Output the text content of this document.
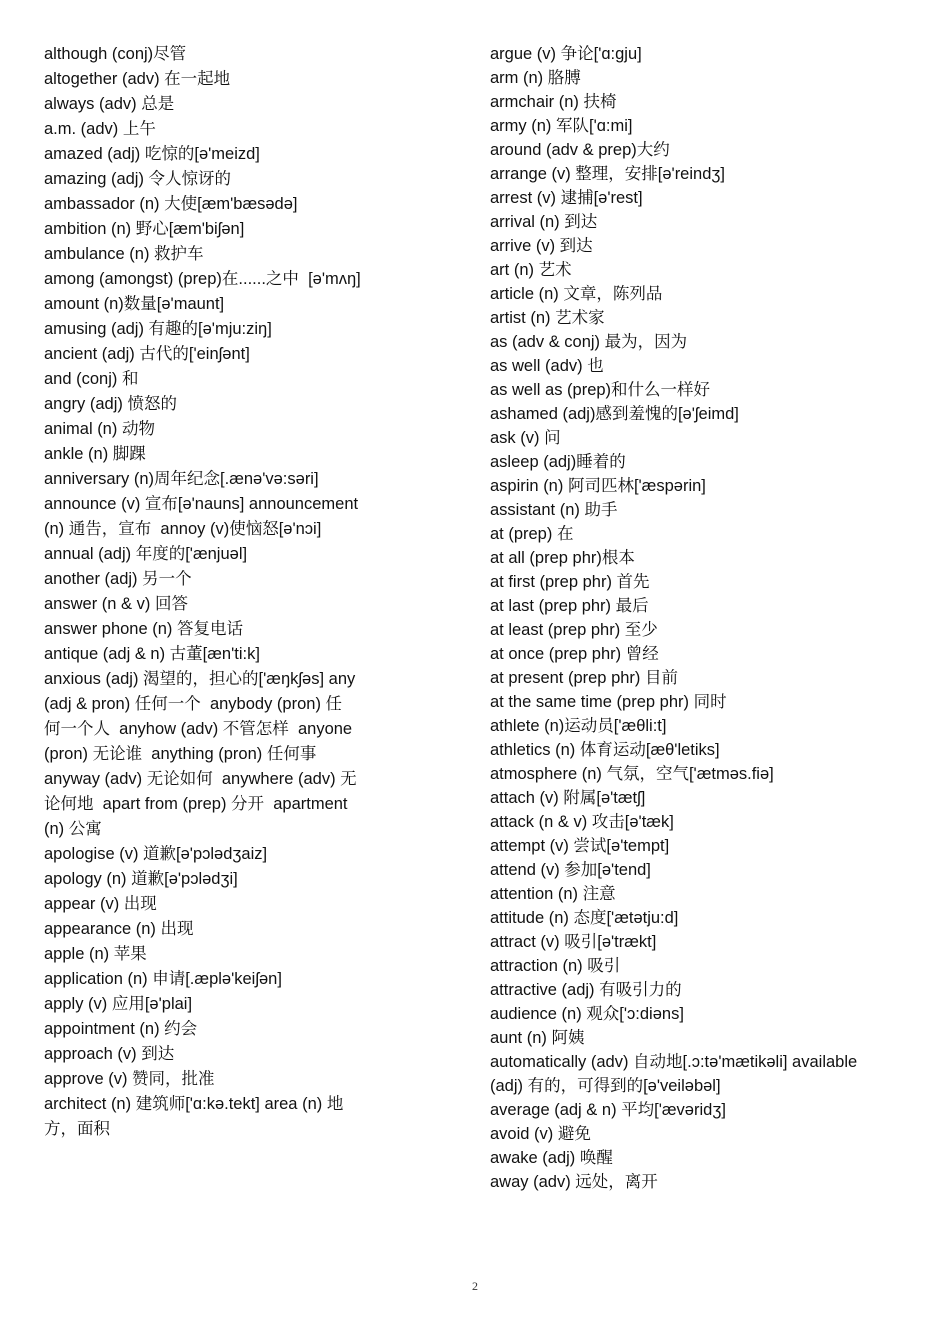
although (conj)尽管

altogether (adv) 在一起地

always (adv) 总是

a.m. (adv) 上午

amazed (adj) 吃惊的[ə'meizd]

amazing (adj) 令人惊讶的

ambassador (n) 大使[æm'bæsədə]

ambition (n) 野心[æm'biʃən]

ambulance (n) 救护车

among (amongst) (prep)在......之中  [ə'mʌŋ]

amount (n)数量[ə'maunt]

amusing (adj) 有趣的[ə'mju:ziŋ]

ancient (adj) 古代的['einʃənt]

and (conj) 和

angry (adj) 愤怒的

animal (n) 动物

ankle (n) 脚踝

anniversary (n)周年纪念[.ænə'və:səri]

announce (v) 宣布[ə'nauns] announcement

(n) 通告，宣布  annoy (v)使恼怒[ə'nɔi]

annual (adj) 年度的['ænjuəl]

another (adj) 另一个

answer (n & v) 回答

answer phone (n) 答复电话

antique (adj & n) 古董[æn'ti:k]

anxious (adj) 渴望的，担心的['æŋkʃəs] any

(adj & pron) 任何一个  anybody (pron) 任

何一个人  anyhow (adv) 不管怎样  anyone

(pron) 无论谁  anything (pron) 任何事

anyway (adv) 无论如何  anywhere (adv) 无

论何地  apart from (prep) 分开  apartment

(n) 公寓

apologise (v) 道歉[ə'pɔlədʒaiz]

apology (n) 道歉[ə'pɔlədʒi]

appear (v) 出现

appearance (n) 出现

apple (n) 苹果

application (n) 申请[.æplə'keiʃən]

apply (v) 应用[ə'plai]

appointment (n) 约会

approach (v) 到达

approve (v) 赞同，批准

architect (n) 建筑师['ɑ:kə.tekt] area (n) 地

方，面积

argue (v) 争论['ɑ:gju]

arm (n) 胳膊

armchair (n) 扶椅

army (n) 军队['ɑ:mi]

around (adv & prep)大约

arrange (v) 整理，安排[ə'reindʒ]

arrest (v) 逮捕[ə'rest]

arrival (n) 到达

arrive (v) 到达

art (n) 艺术

article (n) 文章，陈列品

artist (n) 艺术家

as (adv & conj) 最为，因为

as well (adv) 也

as well as (prep)和什么一样好

ashamed (adj)感到羞愧的[ə'ʃeimd]

ask (v) 问

asleep (adj)睡着的

aspirin (n) 阿司匹林['æspərin]

assistant (n) 助手

at (prep) 在

at all (prep phr)根本

at first (prep phr) 首先

at last (prep phr) 最后

at least (prep phr) 至少

at once (prep phr) 曾经

at present (prep phr) 目前

at the same time (prep phr) 同时

athlete (n)运动员['æθli:t]

athletics (n) 体育运动[æθ'letiks]

atmosphere (n) 气氛，空气['ætməs.fiə]

attach (v) 附属[ə'tætʃ]

attack (n & v) 攻击[ə'tæk]

attempt (v) 尝试[ə'tempt]

attend (v) 参加[ə'tend]

attention (n) 注意

attitude (n) 态度['ætətju:d]

attract (v) 吸引[ə'trækt]

attraction (n) 吸引

attractive (adj) 有吸引力的

audience (n) 观众['ɔ:diəns]

aunt (n) 阿姨

automatically (adv) 自动地[.ɔ:tə'mætikəli] available

(adj) 有的，可得到的[ə'veiləbəl]

average (adj & n) 平均['ævəridʒ]

avoid (v) 避免

awake (adj) 唤醒

away (adv) 远处，离开

2
